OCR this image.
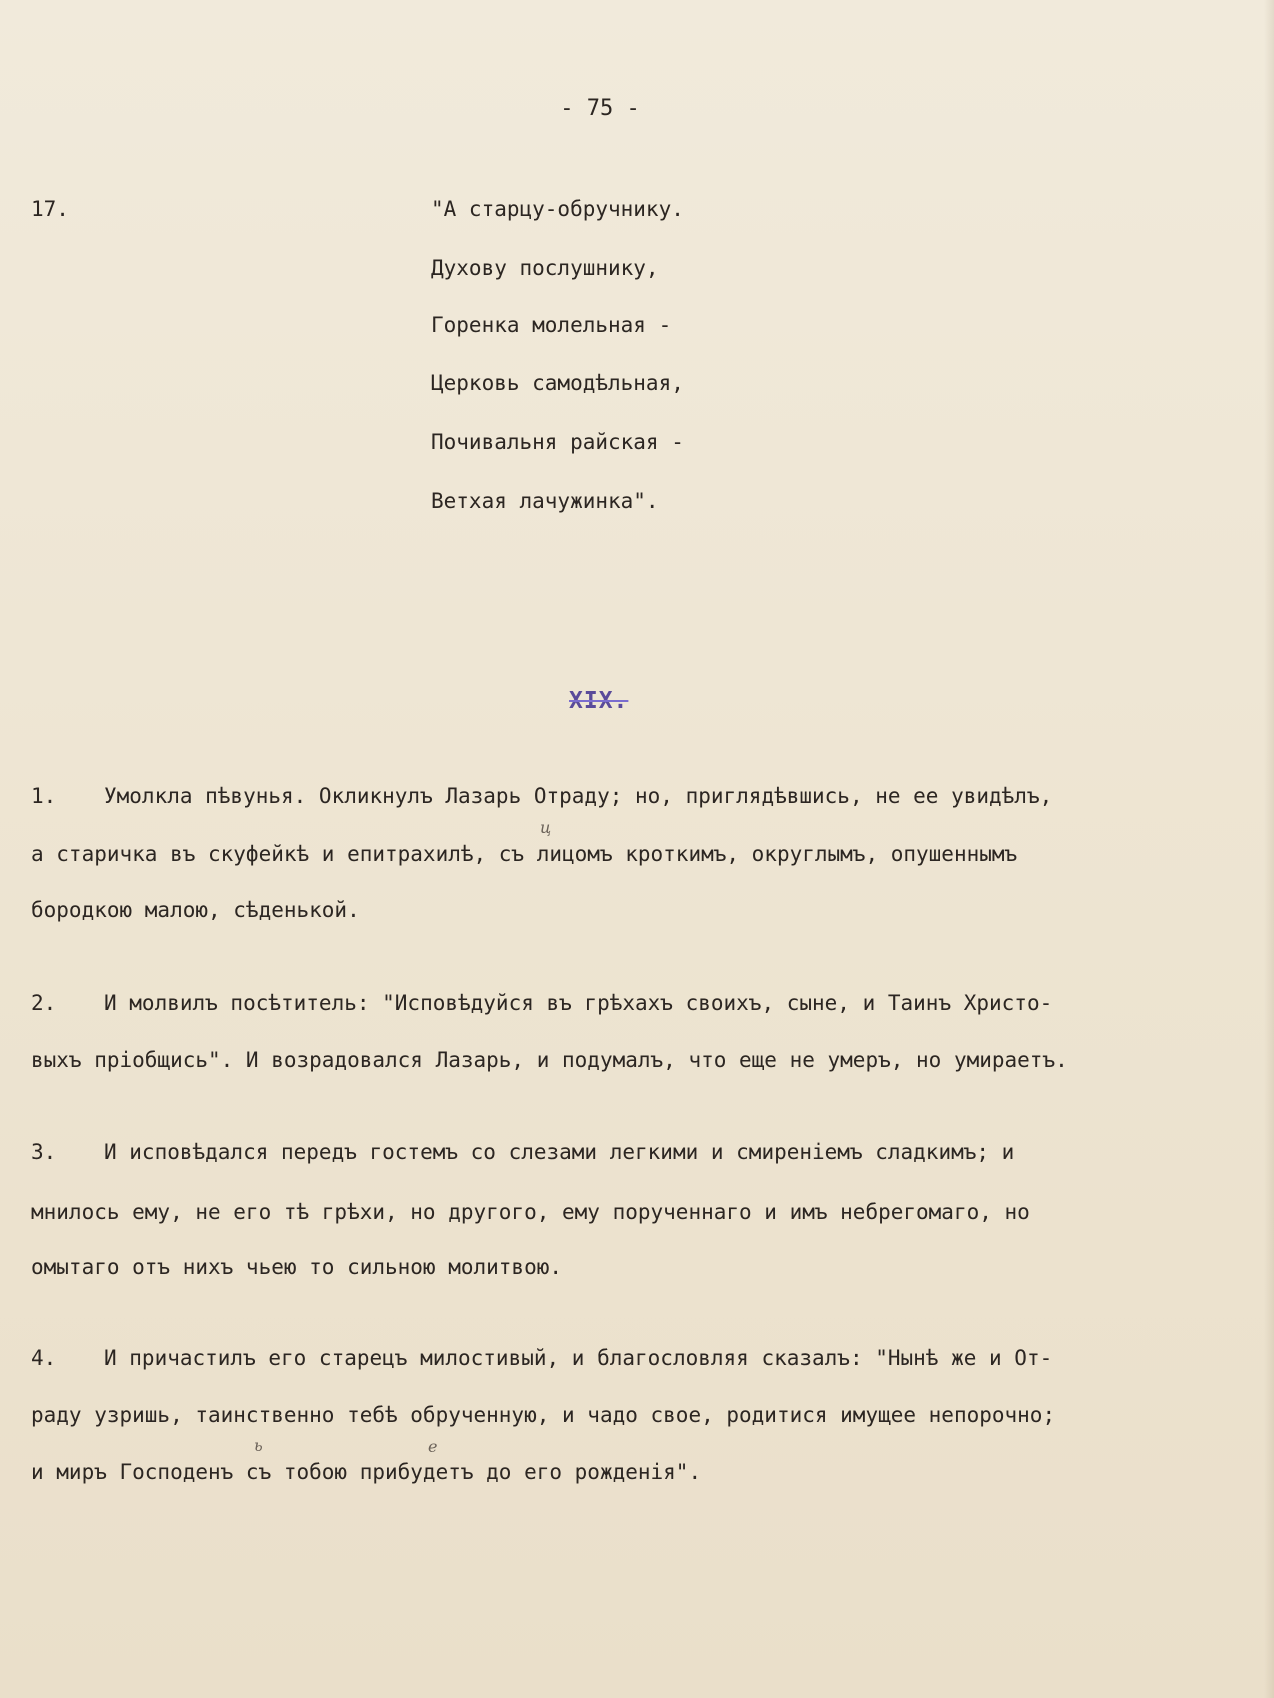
- 75 -
17.	"А старцу-обручнику.
Духову послушнику,
Горенка молельная -
Церковь самодѣльная,
Почивальня райская -
Ветхая лачужинка".
XIX.
1. Умолкла пѣвунья. Окликнулъ Лазарь Отраду; но, приглядѣвшись, не ее увидѣлъ,
а старичка въ скуфейкѣ и епитрахилѣ, съ лицомъ кроткимъ, округлымъ, опушеннымъ
бородкою малою, сѣденькой.
2. И молвилъ посѣтитель: "Исповѣдуйся въ грѣхахъ своихъ, сыне, и Таинъ Христо-
выхъ пріобщись". И возрадовался Лазарь, и подумалъ, что еще не умеръ, но умираетъ.
3. И исповѣдался передъ гостемъ со слезами легкими и смиреніемъ сладкимъ; и
мнилось ему, не его тѣ грѣхи, но другого, ему порученнаго и имъ небрегомаго, но
омытаго отъ нихъ чьею то сильною молитвою.
4. И причастилъ его старецъ милостивый, и благословляя сказалъ: "Нынѣ же и От-
раду узришь, таинственно тебѣ обрученную, и чадо свое, родитися имущее непорочно;
и миръ Господенъ съ тобою прибудетъ до его рожденія".
ц
ь	е
